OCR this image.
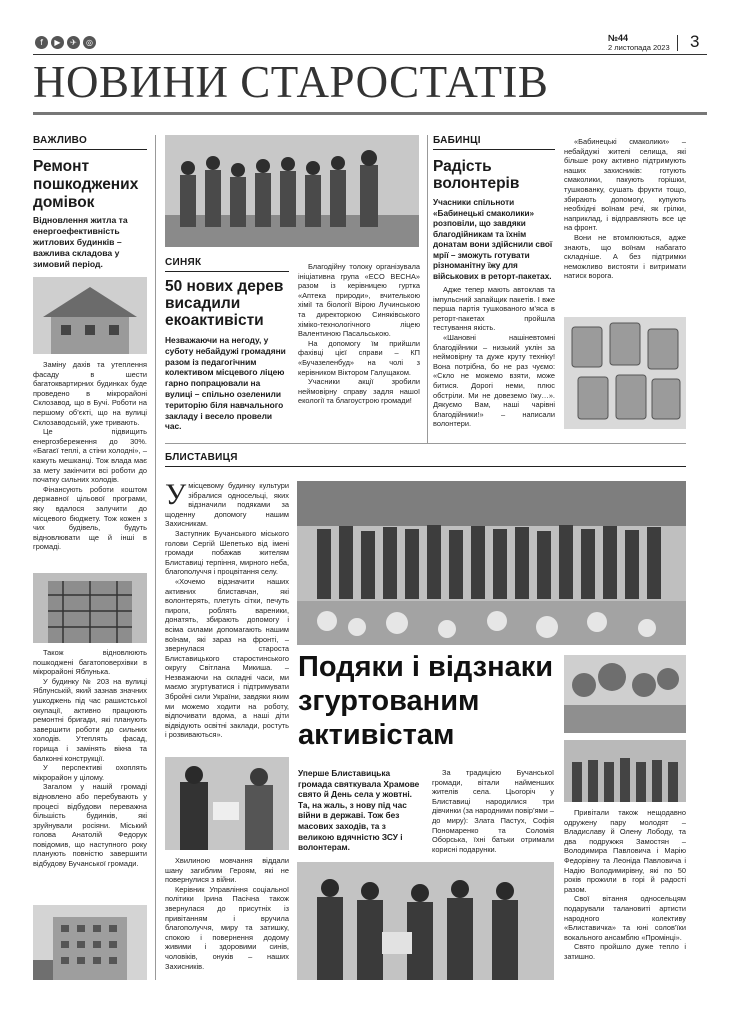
f	▶	✈	◎	№44
2 листопада 2023 3
НОВИНИ СТАРОСТАТІВ
ВАЖЛИВО
Ремонт пошкоджених домівок
Відновлення житла та енергоефективність житлових будинків – важлива складова у зимовий період.

Заміну дахів та утеплення фасаду в шести багатоквартирних будинках буде проведено в мікрорайоні Склозавод, що в Бучі. Роботи на першому об’єкті, що на вулиці Склозаводській, уже тривають.

Це підвищить енергозбереження до 30%. «Багаєї теплі, а стіни холодні», – кажуть мешканці. Тож влада має за мету закінчити всі роботи до початку сильних холодів.

Фінансують роботи коштом державної цільової програми, яку вдалося залучити до місцевого бюджету. Тож кожен з чих будівель, будуть відновлювати ще й інші в громаді.

Також відновлюють пошкоджені багатоповерхівки в мікрорайоні Яблунька.

У будинку № 203 на вулиці Яблунській, який зазнав значних ушкоджень під час рашистської окупації, активно працюють ремонтні бригади, які планують завершити роботи до сильних холодів. Утеплять фасад, горища і замінять вікна та балконні конструкції.

У перспективі охоплять мікрорайон у цілому.

Загалом у нашій громаді відновлено або перебувають у процесі відбудови переважна більшість будинків, які зруйнували росіяни. Міський голова Анатолій Федорук повідомив, що наступного року планують повністю завершити відбудову Бучанської громади.

СИНЯК
50 нових дерев висадили екоактивісти
Незважаючи на негоду, у суботу небайдужі громадяни разом із педагогічним колективом місцевого ліцею гарно попрацювали на вулиці – спільно озеленили територію біля навчального закладу і весело провели час.

Благодійну толоку організувала ініціативна група «ECO ВЕСНА» разом із керівницею гуртка «Аптека природи», вчителькою хімії та біології Вірою Лучинською та директоркою Синяківського хіміко-технологічного ліцею Валентиною Пасальською.

На допомогу їм прийшли фахівці цієї справи – КП «Бучазеленбуд» на чолі з керівником Віктором Галущаком.

Учасники акції зробили неймовірну справу задля нашої екології та благоустрою громади!

БАБИНЦІ
Радість волонтерів
Учасники спільноти «Бабинецькі смаколики» розповіли, що завдяки благодійникам та їхнім донатам вони здійснили свої мрії – зможуть готувати різноманітну їжу для військових в реторт-пакетах.

Адже тепер мають автоклав та імпульсний запайщик пакетів. І вже перша партія тушкованого м’яса в реторт-пакетах пройшла тестування якість.

«Шановні нашіневтомні благодійники – низький уклін за неймовірну та дуже круту техніку! Вона потрібна, бо не раз чуємо: «Скло не можемо взяти, може битися. Дорогі неми, плюс обстріли. Ми не довеземо їжу…». Дякуємо Вам, наші чарівні благодійники!» – написали волонтери.

«Бабинецькі смаколики» – небайдужі жителі селища, які більше року активно підтримують наших захисників: готують смаколики, пакують горішки, тушкованку, сушать фрукти тощо, збирають допомогу, купують необхідні воїнам речі, як грілки, наприклад, і відправляють все це на фронт.

Вони не втомлюються, адже знають, що воїнам набагато складніше. А без підтримки неможливо вистояти і витримати натиск ворога.

БЛИСТАВИЦЯ
У місцевому будинку культури зібралися односельці, яких відзначили подяками за щоденну допомогу нашим Захисникам.

Заступник Бучанського міського голови Сергій Шепетько від імені громади побажав жителям Блиставиці терпіння, мирного неба, благополуччя і процвітання селу.

«Хочемо відзначити наших активних блиставчан, які волонтерять, плетуть сітки, печуть пироги, роблять вареники, донатять, збирають допомогу і всіма силами допомагають нашим воїнам, які зараз на фронті, – звернулася староста Блиставицького старостинського округу Світлана Микиша. – Незважаючи на складні часи, ми маємо згуртуватися і підтримувати Збройні сили України, завдяки яким ми можемо ходити на роботу, відпочивати вдома, а наші діти відвідують освітні заклади, ростуть і розвиваються».

Подяки і відзнаки згуртованим активістам
Уперше Блиставицька громада святкувала Храмове свято й День села у жовтні. Та, на жаль, з нову під час війни в державі. Тож без масових заходів, та з великою вдячністю ЗСУ і волонтерам.

За традицією Бучанської громади, вітали найменших жителів села. Цьогоріч у Блиставиці народилися три дівчинки (за народними повір’ями – до миру): Злата Пастух, Софія Пономаренко та Соломія Оборська, їхні батьки отримали корисні подарунки.

Хвилиною мовчання віддали шану загиблим Героям, які не повернулися з війни.

Керівник Управління соціальної політики Ірина Пасічна також звернулася до присутніх із привітанням і вручила благополуччя, миру та затишку, спокою і повернення додому живими і здоровими синів, чоловіків, онуків – наших Захисників.

Привітали також нещодавно одружену пару молодят – Владиславу й Олену Лободу, та два подружжя Замостян – Володимира Павловича і Марію Федорівну та Леоніда Павловича і Надію Володимирівну, які по 50 років прожили в горі й радості разом.

Свої вітання односельцям подарували талановиті артисти народного колективу «Блиставичка» та юні солов’їки вокального ансамблю «Промінці».

Свято пройшло дуже тепло і затишно.
